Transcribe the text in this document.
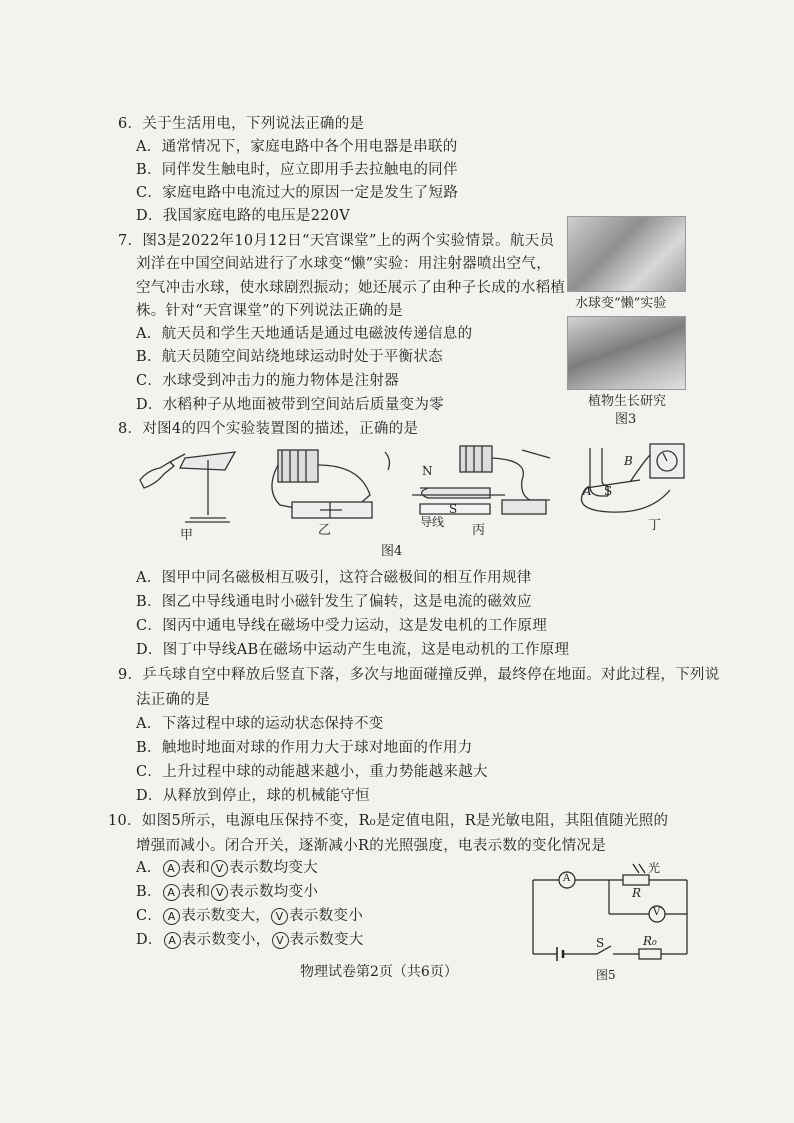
6．关于生活用电，下列说法正确的是
A．通常情况下，家庭电路中各个用电器是串联的
B．同伴发生触电时，应立即用手去拉触电的同伴
C．家庭电路中电流过大的原因一定是发生了短路
D．我国家庭电路的电压是220V
7．图3是2022年10月12日“天宫课堂”上的两个实验情景。航天员
刘洋在中国空间站进行了水球变“懒”实验：用注射器喷出空气，
空气冲击水球，使水球剧烈振动；她还展示了由种子长成的水稻植
株。针对“天宫课堂”的下列说法正确的是
A．航天员和学生天地通话是通过电磁波传递信息的
B．航天员随空间站绕地球运动时处于平衡状态
C．水球受到冲击力的施力物体是注射器
D．水稻种子从地面被带到空间站后质量变为零
水球变“懒”实验
植物生长研究
图3
8．对图4的四个实验装置图的描述，正确的是
N
S
导线
B
A S
甲	乙	丙	丁
图4
A．图甲中同名磁极相互吸引，这符合磁极间的相互作用规律
B．图乙中导线通电时小磁针发生了偏转，这是电流的磁效应
C．图丙中通电导线在磁场中受力运动，这是发电机的工作原理
D．图丁中导线AB在磁场中运动产生电流，这是电动机的工作原理
9．乒乓球自空中释放后竖直下落，多次与地面碰撞反弹，最终停在地面。对此过程，下列说
法正确的是
A．下落过程中球的运动状态保持不变
B．触地时地面对球的作用力大于球对地面的作用力
C．上升过程中球的动能越来越小，重力势能越来越大
D．从释放到停止，球的机械能守恒
10．如图5所示，电源电压保持不变，R₀是定值电阻，R是光敏电阻，其阻值随光照的
增强而减小。闭合开关，逐渐减小R的光照强度，电表示数的变化情况是
A． A 表和 V 表示数均变大
B． A 表和 V 表示数均变小
C． A 表示数变大， V 表示数变小
D． A 表示数变小， V 表示数变大
A
V
光
R
S	R₀
图5
物理试卷第2页（共6页）
